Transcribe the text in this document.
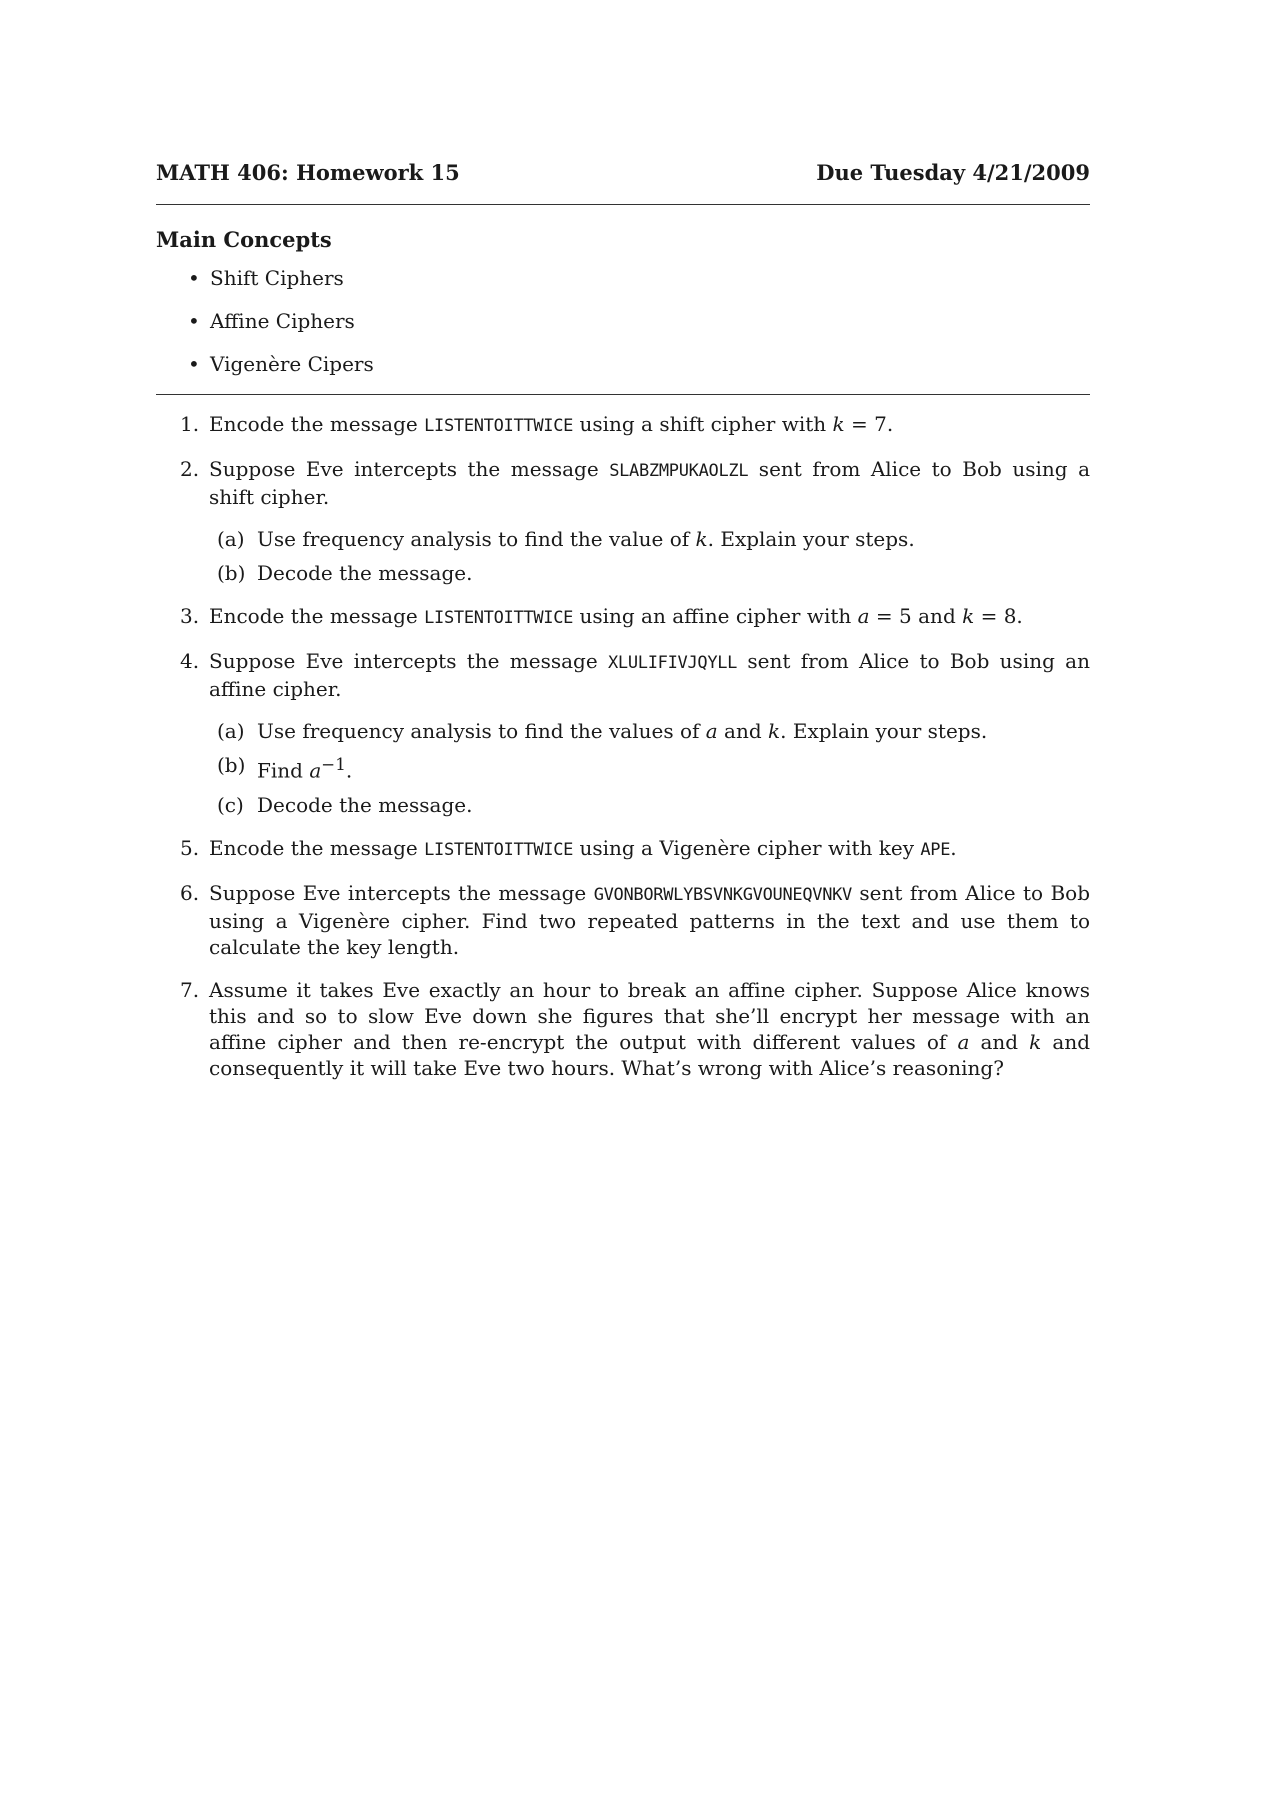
MATH 406: Homework 15	Due Tuesday 4/21/2009
Main Concepts
• Shift Ciphers
• Affine Ciphers
• Vigenère Cipers
1. Encode the message LISTENTOITTWICE using a shift cipher with k = 7.
2. Suppose Eve intercepts the message SLABZMPUKAOLZL sent from Alice to Bob using a shift cipher.
(a) Use frequency analysis to find the value of k. Explain your steps.
(b) Decode the message.
3. Encode the message LISTENTOITTWICE using an affine cipher with a = 5 and k = 8.
4. Suppose Eve intercepts the message XLULIFIVJQYLL sent from Alice to Bob using an affine cipher.
(a) Use frequency analysis to find the values of a and k. Explain your steps.
(b) Find $a^{-1}$.
(c) Decode the message.
5. Encode the message LISTENTOITTWICE using a Vigenère cipher with key APE.
6. Suppose Eve intercepts the message GVONBORWLYBSVNKGVOUNEQVNKV sent from Alice to Bob using a Vigenère cipher. Find two repeated patterns in the text and use them to calculate the key length.
7. Assume it takes Eve exactly an hour to break an affine cipher. Suppose Alice knows this and so to slow Eve down she figures that she’ll encrypt her message with an affine cipher and then re-encrypt the output with different values of a and k and consequently it will take Eve two hours. What’s wrong with Alice’s reasoning?
